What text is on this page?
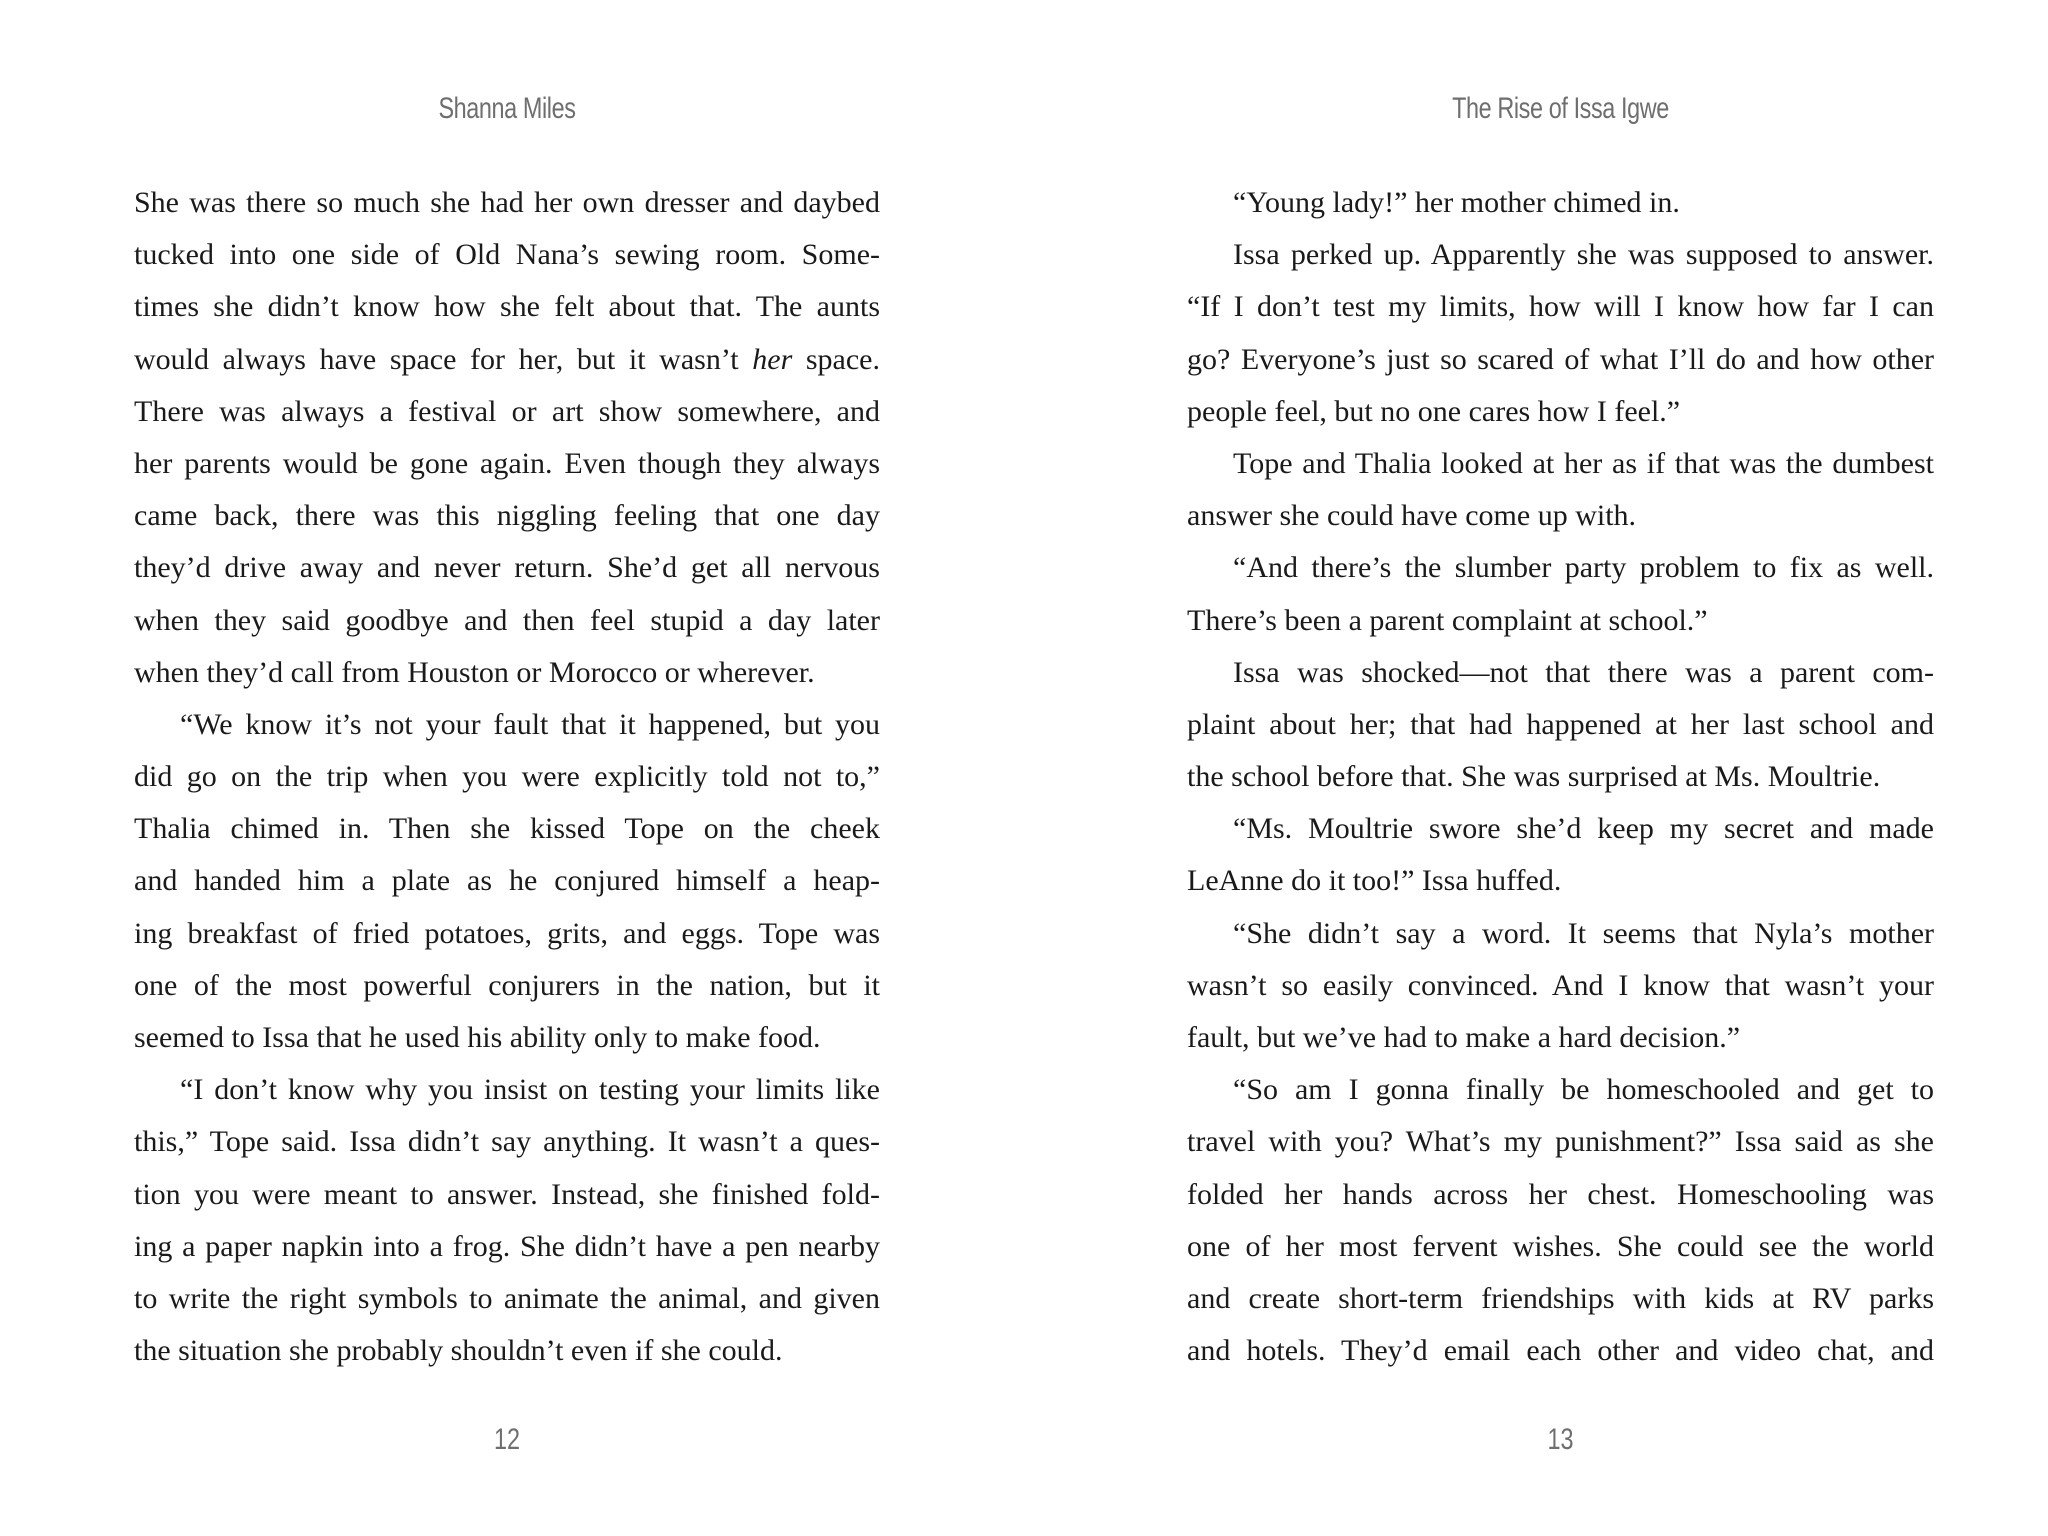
Shanna Miles
She was there so much she had her own dresser and daybed
tucked into one side of Old Nana’s sewing room. Some-
times she didn’t know how she felt about that. The aunts
would always have space for her, but it wasn’t her space.
There was always a festival or art show somewhere, and
her parents would be gone again. Even though they always
came back, there was this niggling feeling that one day
they’d drive away and never return. She’d get all nervous
when they said goodbye and then feel stupid a day later
when they’d call from Houston or Morocco or wherever.
“We know it’s not your fault that it happened, but you
did go on the trip when you were explicitly told not to,”
Thalia chimed in. Then she kissed Tope on the cheek
and handed him a plate as he conjured himself a heap-
ing breakfast of fried potatoes, grits, and eggs. Tope was
one of the most powerful conjurers in the nation, but it
seemed to Issa that he used his ability only to make food.
“I don’t know why you insist on testing your limits like
this,” Tope said. Issa didn’t say anything. It wasn’t a ques-
tion you were meant to answer. Instead, she finished fold-
ing a paper napkin into a frog. She didn’t have a pen nearby
to write the right symbols to animate the animal, and given
the situation she probably shouldn’t even if she could.
12
The Rise of Issa Igwe
“Young lady!” her mother chimed in.
Issa perked up. Apparently she was supposed to answer.
“If I don’t test my limits, how will I know how far I can
go? Everyone’s just so scared of what I’ll do and how other
people feel, but no one cares how I feel.”
Tope and Thalia looked at her as if that was the dumbest
answer she could have come up with.
“And there’s the slumber party problem to fix as well.
There’s been a parent complaint at school.”
Issa was shocked—not that there was a parent com-
plaint about her; that had happened at her last school and
the school before that. She was surprised at Ms. Moultrie.
“Ms. Moultrie swore she’d keep my secret and made
LeAnne do it too!” Issa huffed.
“She didn’t say a word. It seems that Nyla’s mother
wasn’t so easily convinced. And I know that wasn’t your
fault, but we’ve had to make a hard decision.”
“So am I gonna finally be homeschooled and get to
travel with you? What’s my punishment?” Issa said as she
folded her hands across her chest. Homeschooling was
one of her most fervent wishes. She could see the world
and create short-term friendships with kids at RV parks
and hotels. They’d email each other and video chat, and
13
